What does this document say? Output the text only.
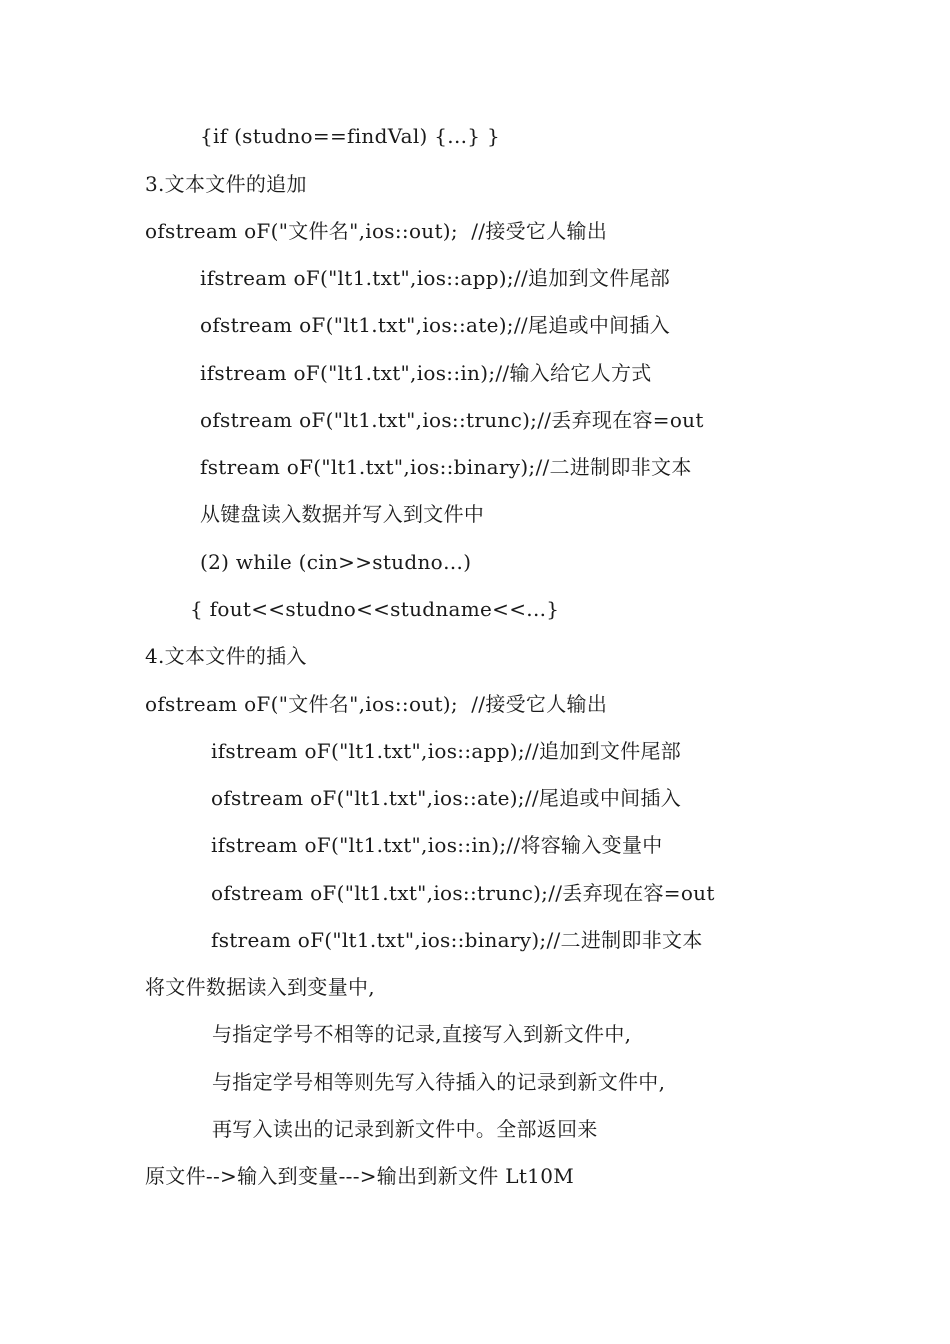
{if (studno==findVal) {...} }
3.文本文件的追加
ofstream oF("文件名",ios::out);  //接受它人输出
ifstream oF("lt1.txt",ios::app);//追加到文件尾部
ofstream oF("lt1.txt",ios::ate);//尾追或中间插入
ifstream oF("lt1.txt",ios::in);//输入给它人方式
ofstream oF("lt1.txt",ios::trunc);//丢弃现在容=out
fstream oF("lt1.txt",ios::binary);//二进制即非文本
从键盘读入数据并写入到文件中
(2) while (cin>>studno…)
{ fout<<studno<<studname<<...}
4.文本文件的插入
ofstream oF("文件名",ios::out);  //接受它人输出
ifstream oF("lt1.txt",ios::app);//追加到文件尾部
ofstream oF("lt1.txt",ios::ate);//尾追或中间插入
ifstream oF("lt1.txt",ios::in);//将容输入变量中
ofstream oF("lt1.txt",ios::trunc);//丢弃现在容=out
fstream oF("lt1.txt",ios::binary);//二进制即非文本
将文件数据读入到变量中,
与指定学号不相等的记录,直接写入到新文件中,
与指定学号相等则先写入待插入的记录到新文件中,
再写入读出的记录到新文件中。全部返回来
原文件-->输入到变量--->输出到新文件 Lt10M
